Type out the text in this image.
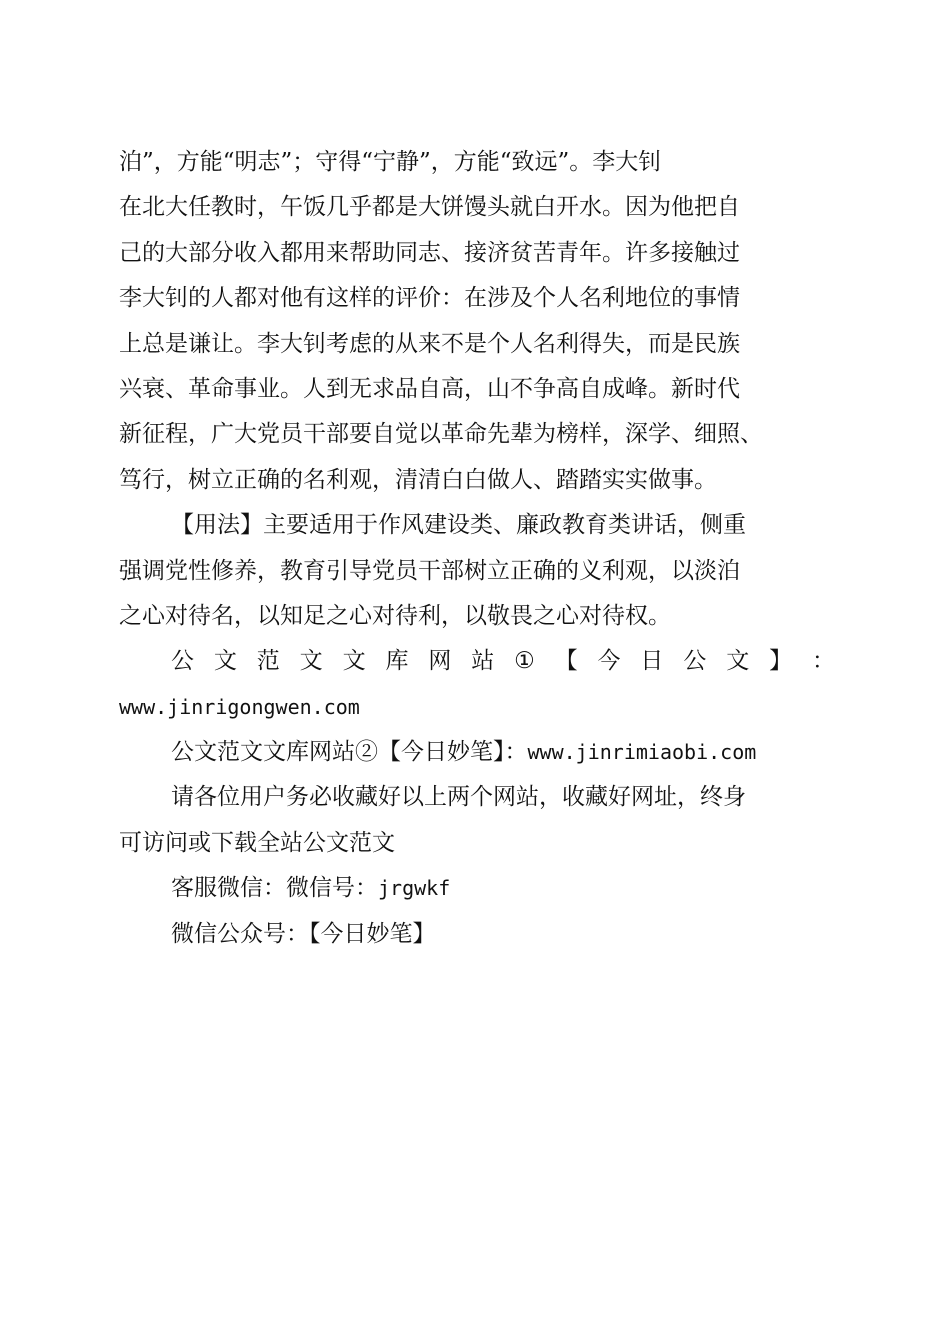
泊”，方能“明志”；守得“宁静”，方能“致远”。李大钊
在北大任教时，午饭几乎都是大饼馒头就白开水。因为他把自
己的大部分收入都用来帮助同志、接济贫苦青年。许多接触过
李大钊的人都对他有这样的评价：在涉及个人名利地位的事情
上总是谦让。李大钊考虑的从来不是个人名利得失，而是民族
兴衰、革命事业。人到无求品自高，山不争高自成峰。新时代
新征程，广大党员干部要自觉以革命先辈为榜样，深学、细照、
笃行，树立正确的名利观，清清白白做人、踏踏实实做事。
【用法】主要适用于作风建设类、廉政教育类讲话，侧重
强调党性修养，教育引导党员干部树立正确的义利观，以淡泊
之心对待名，以知足之心对待利，以敬畏之心对待权。
公 文 范 文 文 库 网 站 ① 【 今 日 公 文 】 ：
www.jinrigongwen.com
公文范文文库网站②【今日妙笔】：www.jinrimiaobi.com
请各位用户务必收藏好以上两个网站，收藏好网址，终身
可访问或下载全站公文范文
客服微信：微信号：jrgwkf
微信公众号：【今日妙笔】
